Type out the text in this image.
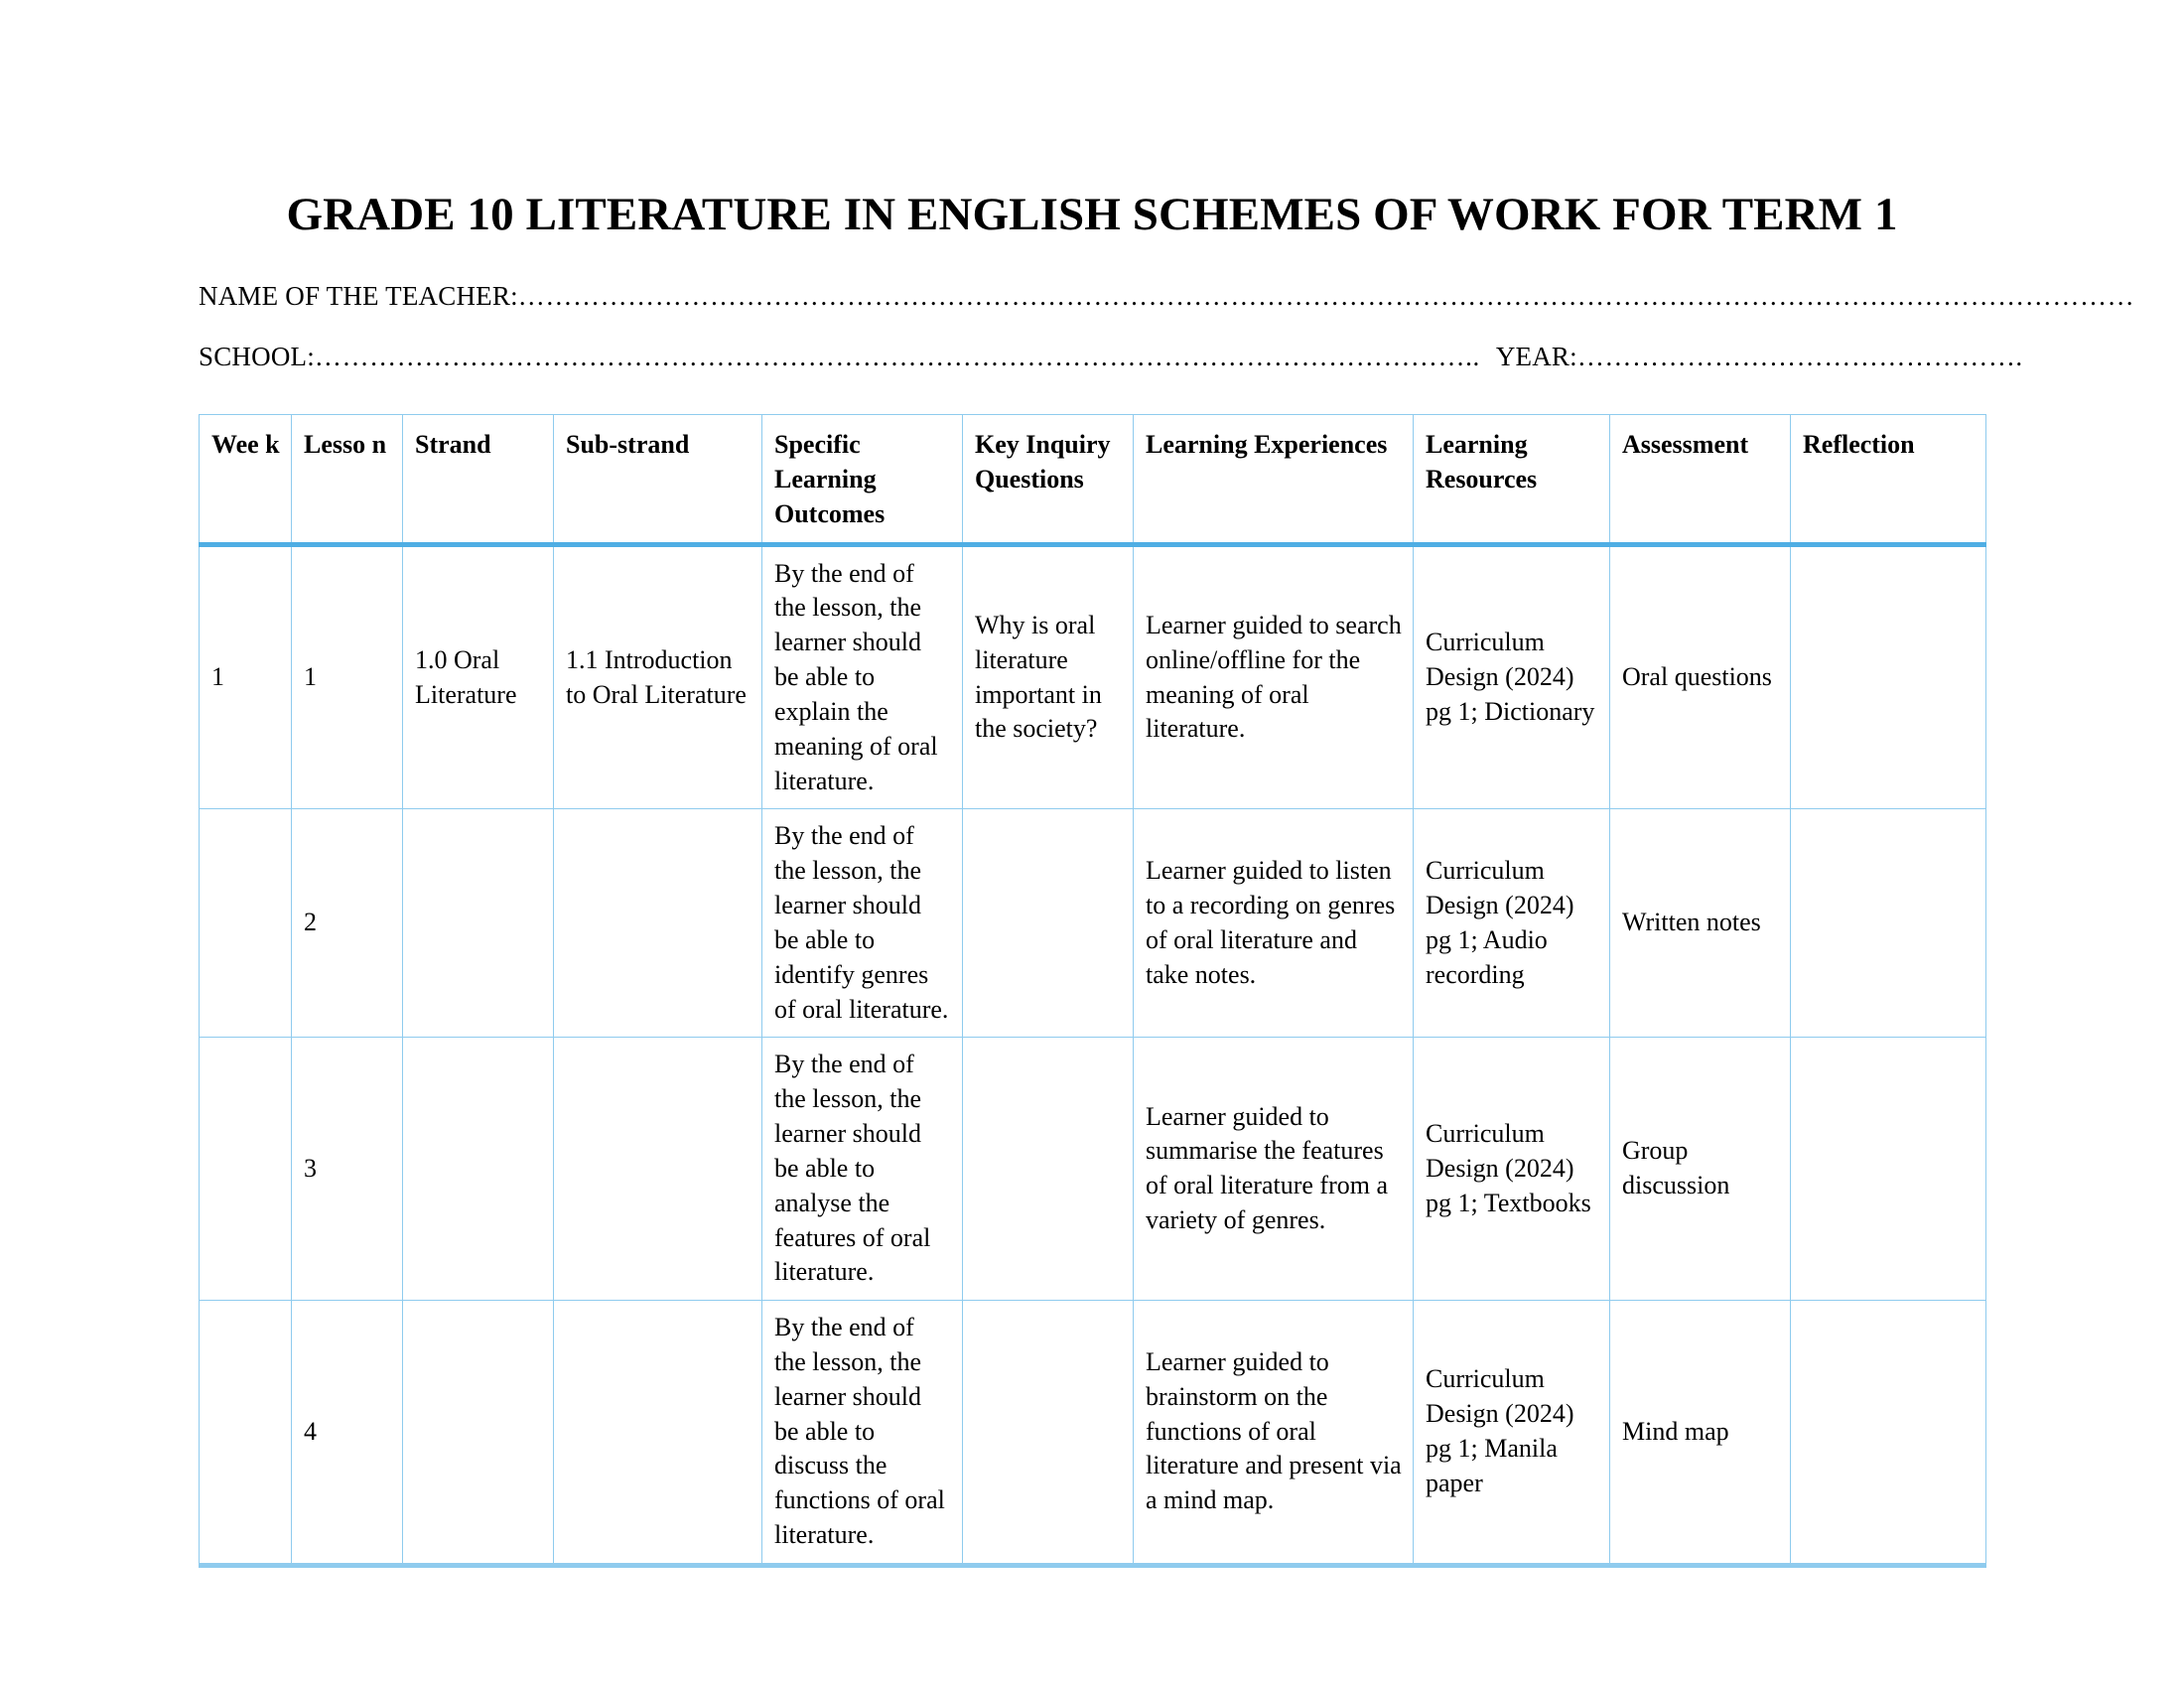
GRADE 10 LITERATURE IN ENGLISH SCHEMES OF WORK FOR TERM 1
NAME OF THE TEACHER:……………………………………………………………………………………………………………………………………………………………
SCHOOL:……………………………………………………………………………………………………………….. YEAR:………………………………………….
Wee k	Lesso n	Strand	Sub-strand	Specific Learning Outcomes	Key Inquiry Questions	Learning Experiences	Learning Resources	Assessment	Reflection
1	1	1.0 Oral Literature	1.1 Introduction to Oral Literature	By the end of the lesson, the learner should be able to explain the meaning of oral literature.	Why is oral literature important in the society?	Learner guided to search online/offline for the meaning of oral literature.	Curriculum Design (2024) pg 1; Dictionary	Oral questions	
	2			By the end of the lesson, the learner should be able to identify genres of oral literature.		Learner guided to listen to a recording on genres of oral literature and take notes.	Curriculum Design (2024) pg 1; Audio recording	Written notes	
	3			By the end of the lesson, the learner should be able to analyse the features of oral literature.		Learner guided to summarise the features of oral literature from a variety of genres.	Curriculum Design (2024) pg 1; Textbooks	Group discussion	
	4			By the end of the lesson, the learner should be able to discuss the functions of oral literature.		Learner guided to brainstorm on the functions of oral literature and present via a mind map.	Curriculum Design (2024) pg 1; Manila paper	Mind map	
